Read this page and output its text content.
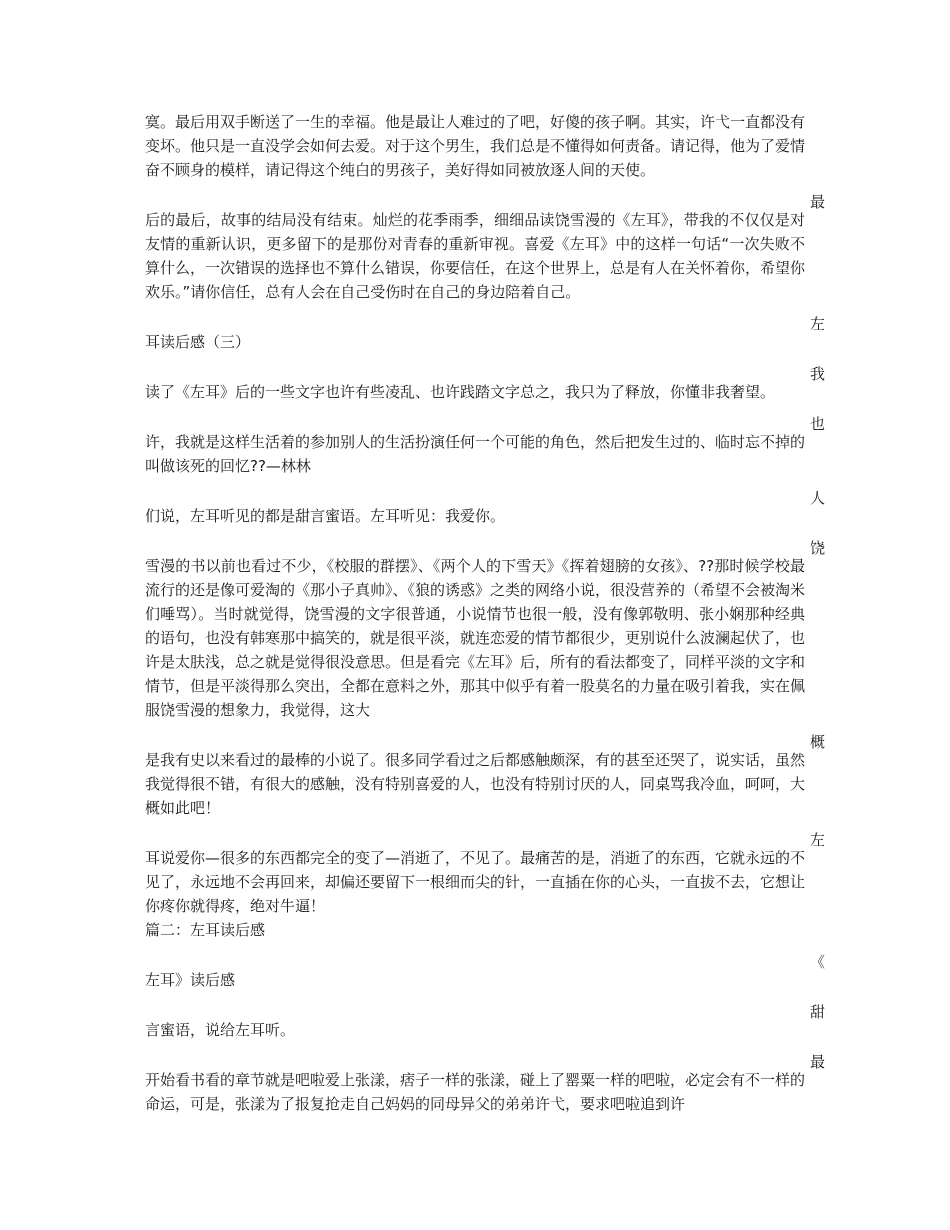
寞。最后用双手断送了一生的幸福。他是最让人难过的了吧，好傻的孩子啊。其实，许弋一直都没有变坏。他只是一直没学会如何去爱。对于这个男生，我们总是不懂得如何责备。请记得，他为了爱情奋不顾身的模样，请记得这个纯白的男孩子，美好得如同被放逐人间的天使。
最
后的最后，故事的结局没有结束。灿烂的花季雨季，细细品读饶雪漫的《左耳》，带我的不仅仅是对友情的重新认识，更多留下的是那份对青春的重新审视。喜爱《左耳》中的这样一句话“一次失败不算什么，一次错误的选择也不算什么错误，你要信任，在这个世界上，总是有人在关怀着你，希望你欢乐。”请你信任，总有人会在自己受伤时在自己的身边陪着自己。
左
耳读后感（三）
我
读了《左耳》后的一些文字也许有些凌乱、也许践踏文字总之，我只为了释放，你懂非我奢望。
也
许，我就是这样生活着的参加别人的生活扮演任何一个可能的角色，然后把发生过的、临时忘不掉的叫做该死的回忆??—林林
人
们说，左耳听见的都是甜言蜜语。左耳听见：我爱你。
饶
雪漫的书以前也看过不少，《校服的群摆》、《两个人的下雪天》《挥着翅膀的女孩》、??那时候学校最流行的还是像可爱淘的《那小子真帅》、《狼的诱惑》之类的网络小说，很没营养的（希望不会被淘米们唾骂）。当时就觉得，饶雪漫的文字很普通，小说情节也很一般，没有像郭敬明、张小娴那种经典的语句，也没有韩寒那中搞笑的，就是很平淡，就连恋爱的情节都很少，更别说什么波澜起伏了，也许是太肤浅，总之就是觉得很没意思。但是看完《左耳》后，所有的看法都变了，同样平淡的文字和情节，但是平淡得那么突出，全都在意料之外，那其中似乎有着一股莫名的力量在吸引着我，实在佩服饶雪漫的想象力，我觉得，这大
概
是我有史以来看过的最棒的小说了。很多同学看过之后都感触颇深，有的甚至还哭了，说实话，虽然我觉得很不错，有很大的感触，没有特别喜爱的人，也没有特别讨厌的人，同桌骂我冷血，呵呵，大概如此吧！
左
耳说爱你—很多的东西都完全的变了—消逝了，不见了。最痛苦的是，消逝了的东西，它就永远的不见了，永远地不会再回来，却偏还要留下一根细而尖的针，一直插在你的心头，一直拔不去，它想让你疼你就得疼，绝对牛逼！
篇二：左耳读后感
《
左耳》读后感
甜
言蜜语，说给左耳听。
最
开始看书看的章节就是吧啦爱上张漾，痞子一样的张漾，碰上了罂粟一样的吧啦，必定会有不一样的命运，可是，张漾为了报复抢走自己妈妈的同母异父的弟弟许弋，要求吧啦追到许
